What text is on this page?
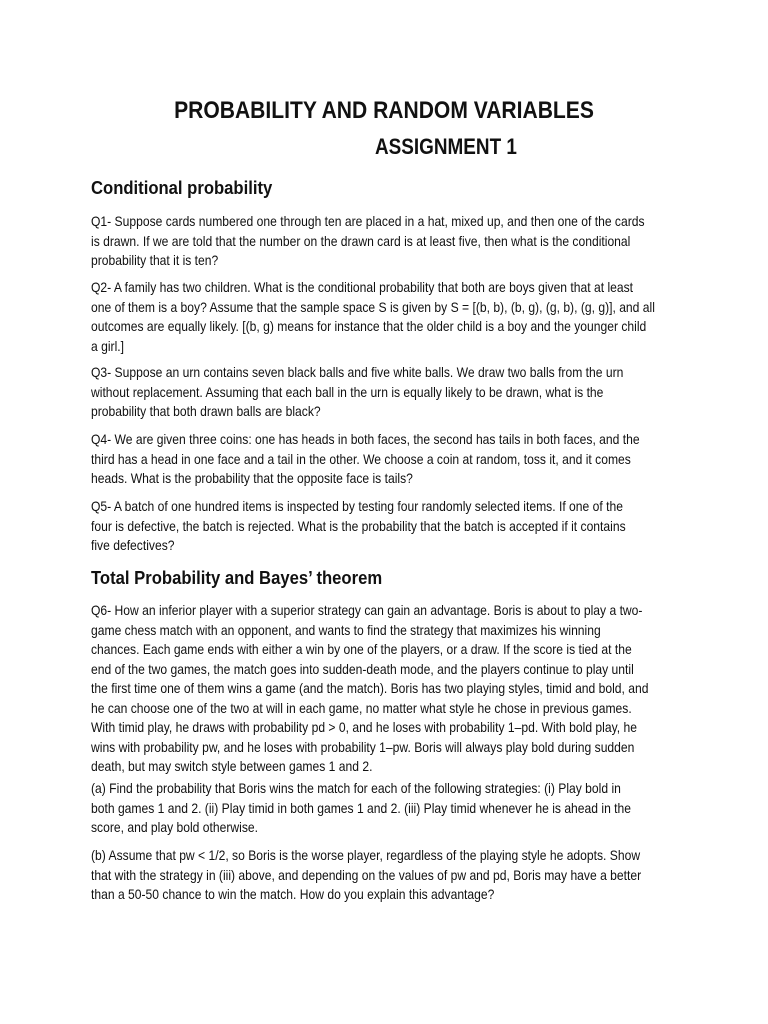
PROBABILITY AND RANDOM VARIABLES
ASSIGNMENT 1
Conditional probability
Q1- Suppose cards numbered one through ten are placed in a hat, mixed up, and then one of the cards
is drawn. If we are told that the number on the drawn card is at least five, then what is the conditional
probability that it is ten?
Q2- A family has two children. What is the conditional probability that both are boys given that at least
one of them is a boy? Assume that the sample space S is given by S = [(b, b), (b, g), (g, b), (g, g)], and all
outcomes are equally likely. [(b, g) means for instance that the older child is a boy and the younger child
a girl.]
Q3- Suppose an urn contains seven black balls and five white balls. We draw two balls from the urn
without replacement. Assuming that each ball in the urn is equally likely to be drawn, what is the
probability that both drawn balls are black?
Q4- We are given three coins: one has heads in both faces, the second has tails in both faces, and the
third has a head in one face and a tail in the other. We choose a coin at random, toss it, and it comes
heads. What is the probability that the opposite face is tails?
Q5- A batch of one hundred items is inspected by testing four randomly selected items. If one of the
four is defective, the batch is rejected. What is the probability that the batch is accepted if it contains
five defectives?
Total Probability and Bayes’ theorem
Q6- How an inferior player with a superior strategy can gain an advantage. Boris is about to play a two-
game chess match with an opponent, and wants to find the strategy that maximizes his winning
chances. Each game ends with either a win by one of the players, or a draw. If the score is tied at the
end of the two games, the match goes into sudden-death mode, and the players continue to play until
the first time one of them wins a game (and the match). Boris has two playing styles, timid and bold, and
he can choose one of the two at will in each game, no matter what style he chose in previous games.
With timid play, he draws with probability pd > 0, and he loses with probability 1–pd. With bold play, he
wins with probability pw, and he loses with probability 1–pw. Boris will always play bold during sudden
death, but may switch style between games 1 and 2.
(a) Find the probability that Boris wins the match for each of the following strategies: (i) Play bold in
both games 1 and 2. (ii) Play timid in both games 1 and 2. (iii) Play timid whenever he is ahead in the
score, and play bold otherwise.
(b) Assume that pw < 1/2, so Boris is the worse player, regardless of the playing style he adopts. Show
that with the strategy in (iii) above, and depending on the values of pw and pd, Boris may have a better
than a 50-50 chance to win the match. How do you explain this advantage?
